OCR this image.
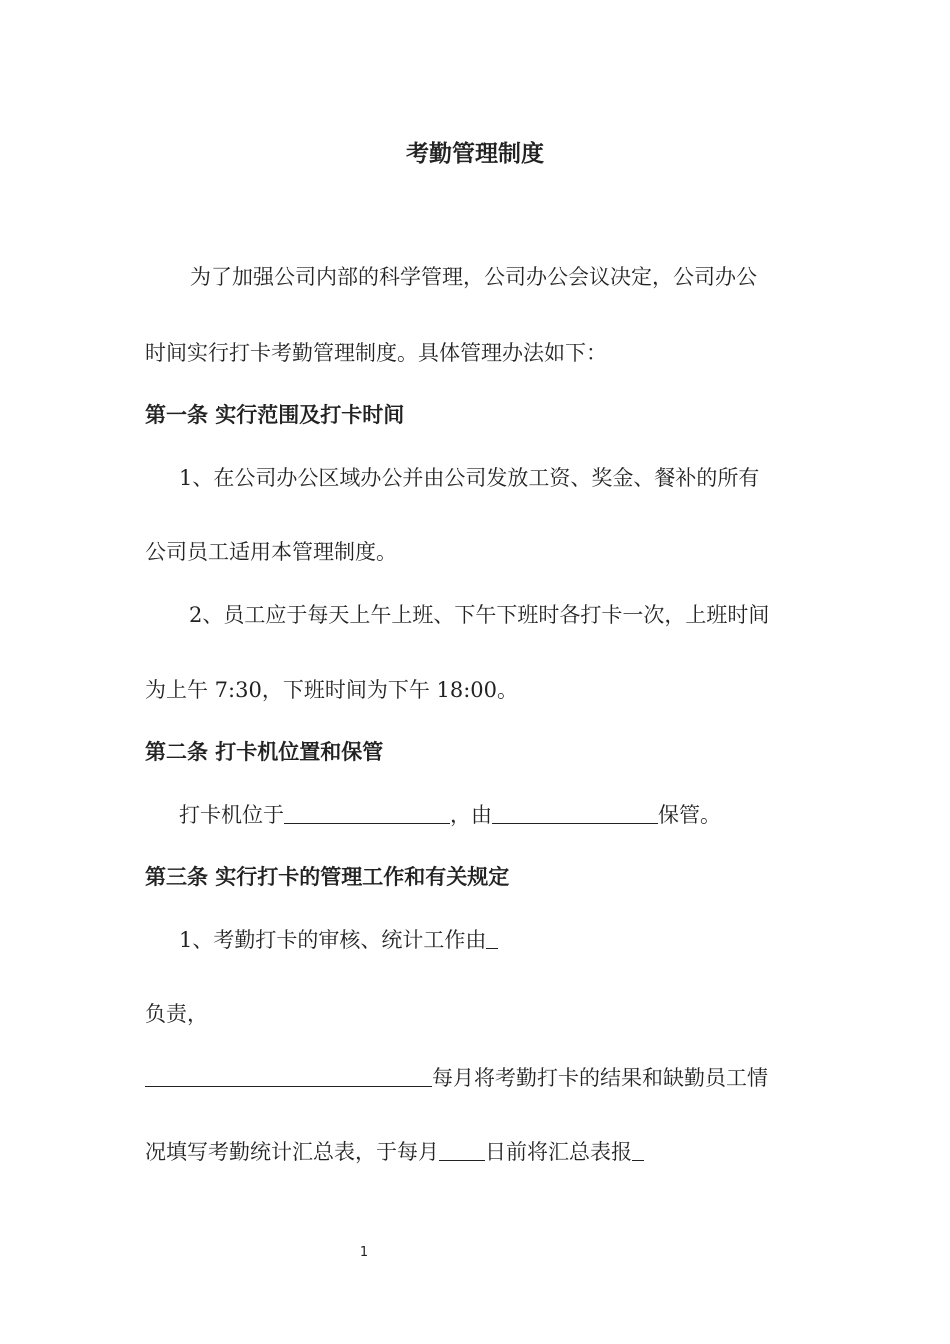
考勤管理制度
为了加强公司内部的科学管理，公司办公会议决定，公司办公
时间实行打卡考勤管理制度。具体管理办法如下：
第一条 实行范围及打卡时间
1、在公司办公区域办公并由公司发放工资、奖金、餐补的所有
公司员工适用本管理制度。
2、员工应于每天上午上班、下午下班时各打卡一次，上班时间
为上午 7:30，下班时间为下午 18:00。
第二条 打卡机位置和保管
打卡机位于	，由	保管。
第三条 实行打卡的管理工作和有关规定
1、考勤打卡的审核、统计工作由
负责，
每月将考勤打卡的结果和缺勤员工情
况填写考勤统计汇总表，于每月 日前将汇总表报
1
